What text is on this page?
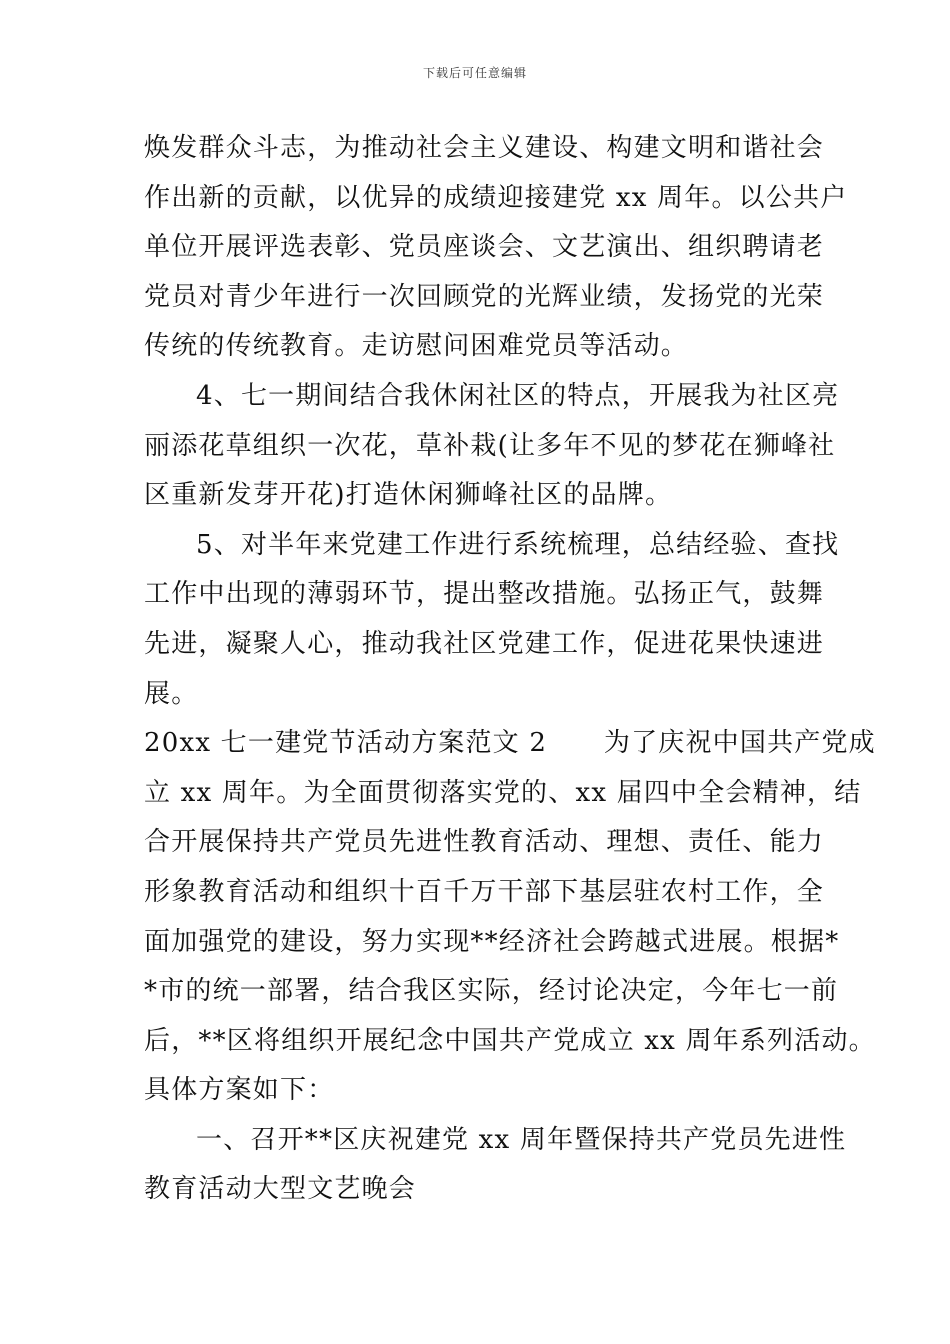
下载后可任意编辑
焕发群众斗志，为推动社会主义建设、构建文明和谐社会
作出新的贡献，以优异的成绩迎接建党 xx 周年。以公共户
单位开展评选表彰、党员座谈会、文艺演出、组织聘请老
党员对青少年进行一次回顾党的光辉业绩，发扬党的光荣
传统的传统教育。走访慰问困难党员等活动。
4、七一期间结合我休闲社区的特点，开展我为社区亮
丽添花草组织一次花，草补栽(让多年不见的梦花在狮峰社
区重新发芽开花)打造休闲狮峰社区的品牌。
5、对半年来党建工作进行系统梳理，总结经验、查找
工作中出现的薄弱环节，提出整改措施。弘扬正气，鼓舞
先进，凝聚人心，推动我社区党建工作，促进花果快速进
展。
20xx 七一建党节活动方案范文 2      为了庆祝中国共产党成
立 xx 周年。为全面贯彻落实党的、xx 届四中全会精神，结
合开展保持共产党员先进性教育活动、理想、责任、能力
形象教育活动和组织十百千万干部下基层驻农村工作，全
面加强党的建设，努力实现**经济社会跨越式进展。根据*
*市的统一部署，结合我区实际，经讨论决定，今年七一前
后，**区将组织开展纪念中国共产党成立 xx 周年系列活动。
具体方案如下：
一、召开**区庆祝建党 xx 周年暨保持共产党员先进性
教育活动大型文艺晚会
